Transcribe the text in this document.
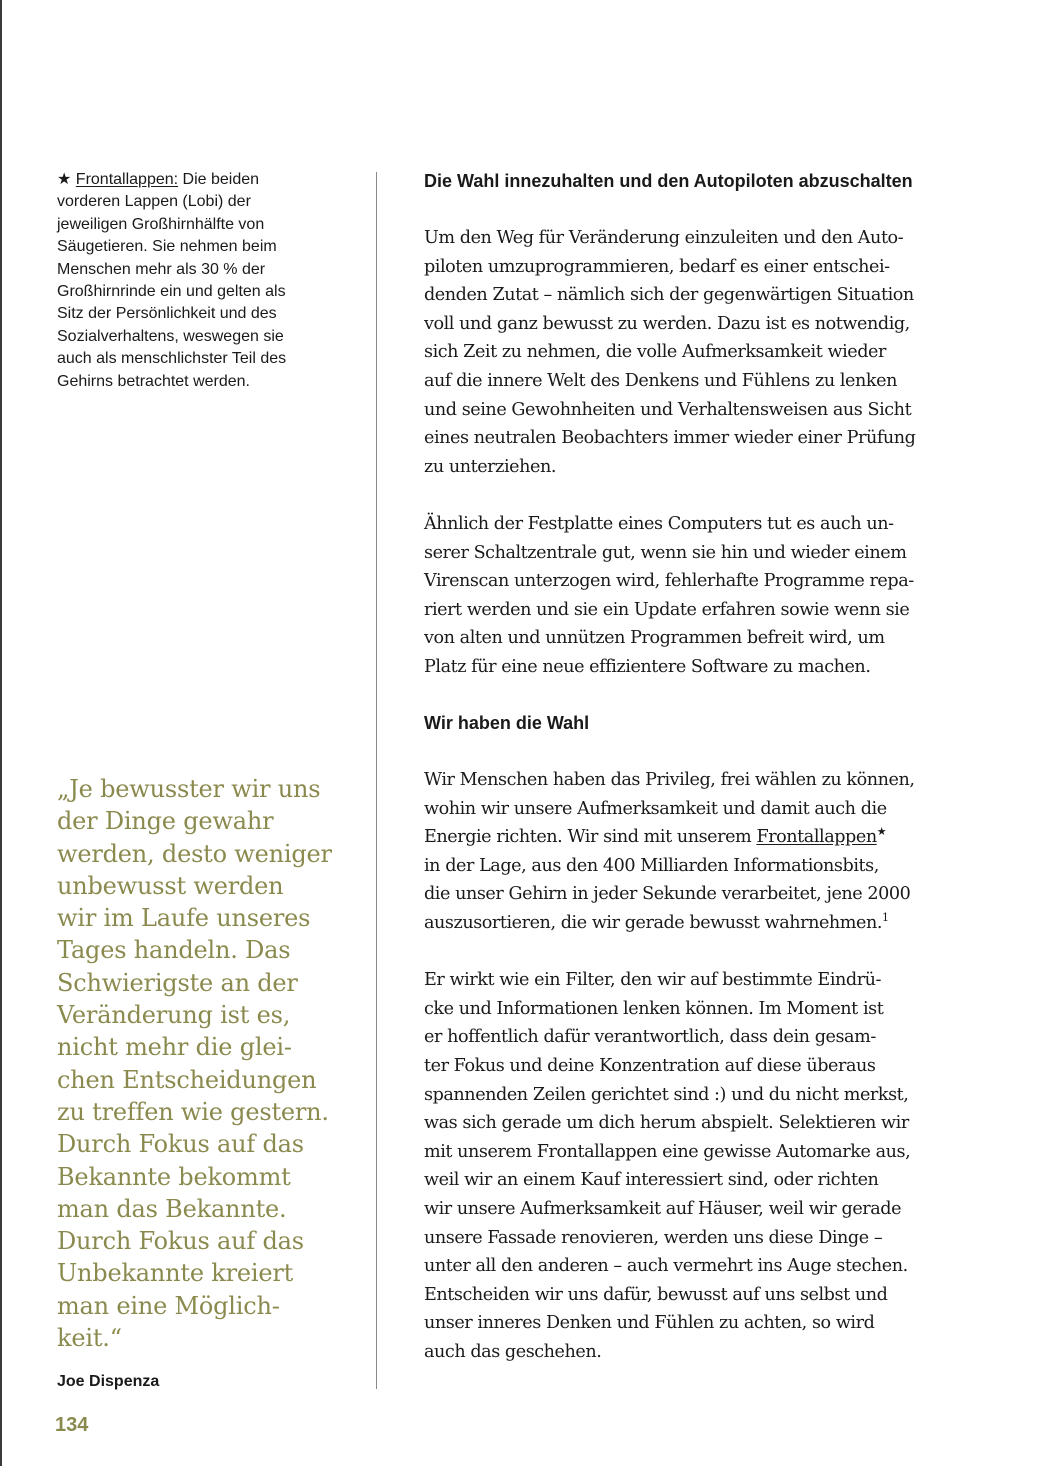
★ Frontallappen: Die beiden
vorderen Lappen (Lobi) der
jeweiligen Großhirnhälfte von
Säugetieren. Sie nehmen beim
Menschen mehr als 30 % der
Großhirnrinde ein und gelten als
Sitz der Persönlichkeit und des
Sozialverhaltens, weswegen sie
auch als menschlichster Teil des
Gehirns betrachtet werden.
„Je bewusster wir uns
der Dinge gewahr
werden, desto weniger
unbewusst werden
wir im Laufe unseres
Tages handeln. Das
Schwierigste an der
Veränderung ist es,
nicht mehr die glei-
chen Entscheidungen
zu treffen wie gestern.
Durch Fokus auf das
Bekannte bekommt
man das Bekannte.
Durch Fokus auf das
Unbekannte kreiert
man eine Möglich-
keit.“
Joe Dispenza
134
Die Wahl innezuhalten und den Autopiloten abzuschalten

Um den Weg für Veränderung einzuleiten und den Auto-
piloten umzuprogrammieren, bedarf es einer entschei-
denden Zutat – nämlich sich der gegenwärtigen Situation
voll und ganz bewusst zu werden. Dazu ist es notwendig,
sich Zeit zu nehmen, die volle Aufmerksamkeit wieder
auf die innere Welt des Denkens und Fühlens zu lenken
und seine Gewohnheiten und Verhaltensweisen aus Sicht
eines neutralen Beobachters immer wieder einer Prüfung
zu unterziehen.

Ähnlich der Festplatte eines Computers tut es auch un-
serer Schaltzentrale gut, wenn sie hin und wieder einem
Virenscan unterzogen wird, fehlerhafte Programme repa-
riert werden und sie ein Update erfahren sowie wenn sie
von alten und unnützen Programmen befreit wird, um
Platz für eine neue effizientere Software zu machen.

Wir haben die Wahl

Wir Menschen haben das Privileg, frei wählen zu können,
wohin wir unsere Aufmerksamkeit und damit auch die
Energie richten. Wir sind mit unserem Frontallappen★
in der Lage, aus den 400 Milliarden Informationsbits,
die unser Gehirn in jeder Sekunde verarbeitet, jene 2000
auszusortieren, die wir gerade bewusst wahrnehmen.$^1$

Er wirkt wie ein Filter, den wir auf bestimmte Eindrü-
cke und Informationen lenken können. Im Moment ist
er hoffentlich dafür verantwortlich, dass dein gesam-
ter Fokus und deine Konzentration auf diese überaus
spannenden Zeilen gerichtet sind :) und du nicht merkst,
was sich gerade um dich herum abspielt. Selektieren wir
mit unserem Frontallappen eine gewisse Automarke aus,
weil wir an einem Kauf interessiert sind, oder richten
wir unsere Aufmerksamkeit auf Häuser, weil wir gerade
unsere Fassade renovieren, werden uns diese Dinge –
unter all den anderen – auch vermehrt ins Auge stechen.
Entscheiden wir uns dafür, bewusst auf uns selbst und
unser inneres Denken und Fühlen zu achten, so wird
auch das geschehen.
